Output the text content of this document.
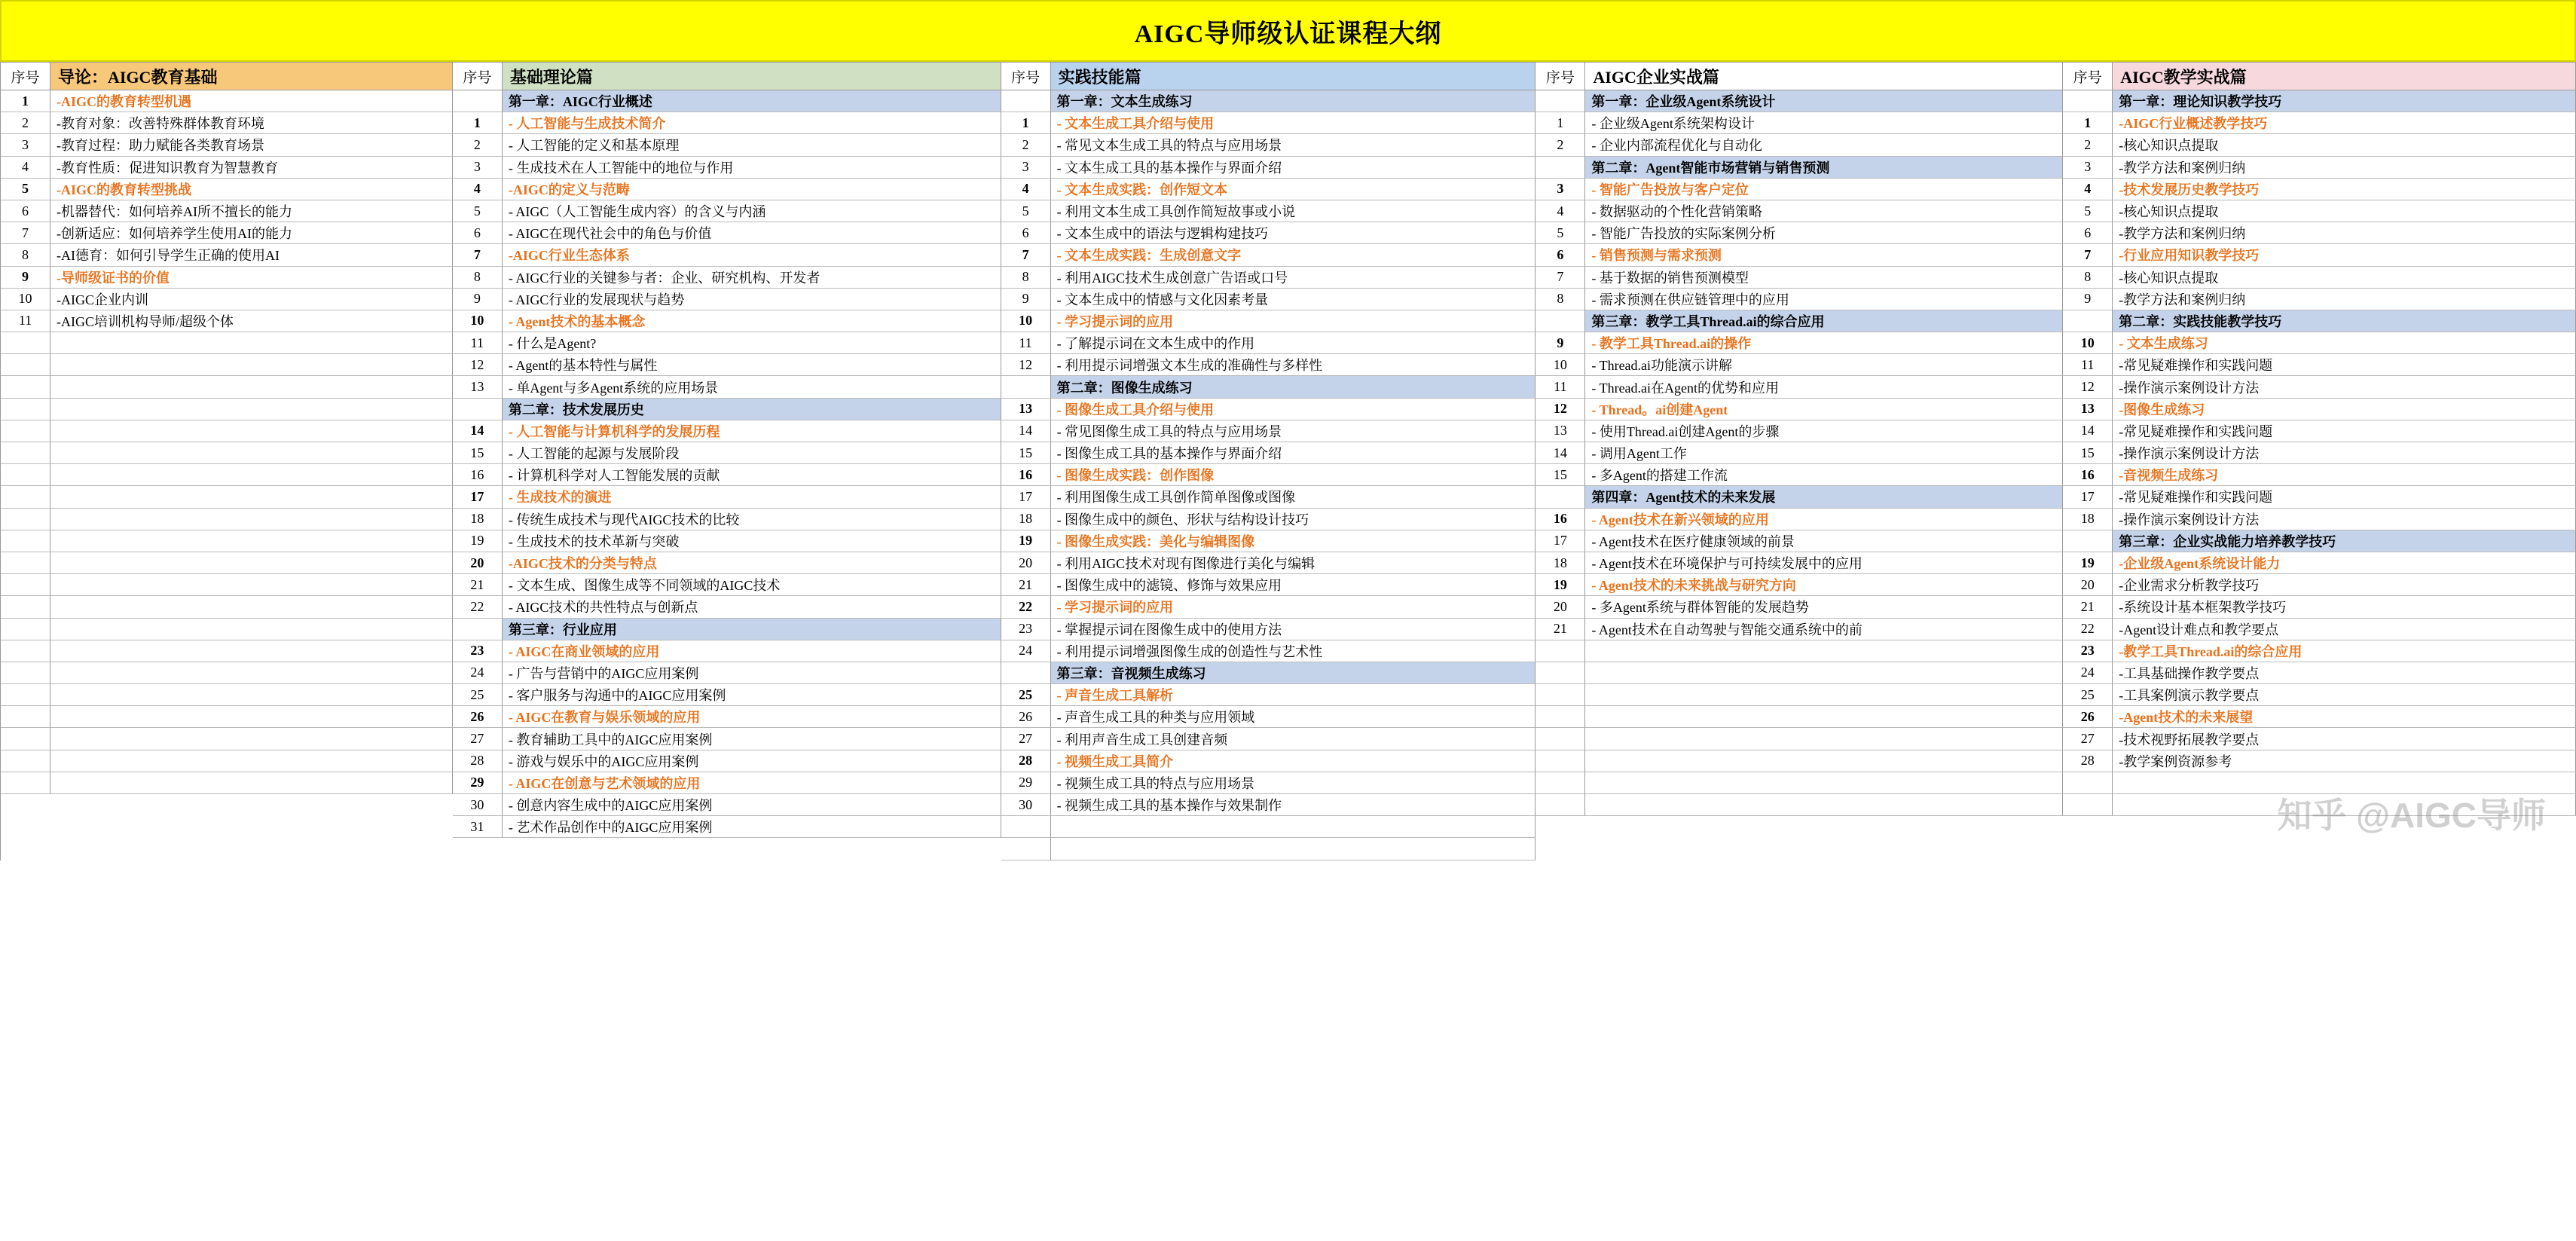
AIGC导师级认证课程大纲
序号	导论：AIGC教育基础
1	-AIGC的教育转型机遇
2	-教育对象：改善特殊群体教育环境
3	-教育过程：助力赋能各类教育场景
4	-教育性质：促进知识教育为智慧教育
5	-AIGC的教育转型挑战
6	-机器替代：如何培养AI所不擅长的能力
7	-创新适应：如何培养学生使用AI的能力
8	-AI德育：如何引导学生正确的使用AI
9	-导师级证书的价值
10	-AIGC企业内训
11	-AIGC培训机构导师/超级个体
序号	基础理论篇
第一章：AIGC行业概述
1	- 人工智能与生成技术简介
2	- 人工智能的定义和基本原理
3	- 生成技术在人工智能中的地位与作用
4	-AIGC的定义与范畴
5	- AIGC（人工智能生成内容）的含义与内涵
6	- AIGC在现代社会中的角色与价值
7	-AIGC行业生态体系
8	- AIGC行业的关键参与者：企业、研究机构、开发者
9	- AIGC行业的发展现状与趋势
10	- Agent技术的基本概念
11	- 什么是Agent?
12	- Agent的基本特性与属性
13	- 单Agent与多Agent系统的应用场景
第二章：技术发展历史
14	- 人工智能与计算机科学的发展历程
15	- 人工智能的起源与发展阶段
16	- 计算机科学对人工智能发展的贡献
17	- 生成技术的演进
18	- 传统生成技术与现代AIGC技术的比较
19	- 生成技术的技术革新与突破
20	-AIGC技术的分类与特点
21	- 文本生成、图像生成等不同领域的AIGC技术
22	- AIGC技术的共性特点与创新点
第三章：行业应用
23	- AIGC在商业领域的应用
24	- 广告与营销中的AIGC应用案例
25	- 客户服务与沟通中的AIGC应用案例
26	- AIGC在教育与娱乐领域的应用
27	- 教育辅助工具中的AIGC应用案例
28	- 游戏与娱乐中的AIGC应用案例
29	- AIGC在创意与艺术领域的应用
30	- 创意内容生成中的AIGC应用案例
31	- 艺术作品创作中的AIGC应用案例
序号	实践技能篇
第一章：文本生成练习
1	- 文本生成工具介绍与使用
2	- 常见文本生成工具的特点与应用场景
3	- 文本生成工具的基本操作与界面介绍
4	- 文本生成实践：创作短文本
5	- 利用文本生成工具创作简短故事或小说
6	- 文本生成中的语法与逻辑构建技巧
7	- 文本生成实践：生成创意文字
8	- 利用AIGC技术生成创意广告语或口号
9	- 文本生成中的情感与文化因素考量
10	- 学习提示词的应用
11	- 了解提示词在文本生成中的作用
12	- 利用提示词增强文本生成的准确性与多样性
第二章：图像生成练习
13	- 图像生成工具介绍与使用
14	- 常见图像生成工具的特点与应用场景
15	- 图像生成工具的基本操作与界面介绍
16	- 图像生成实践：创作图像
17	- 利用图像生成工具创作简单图像或图像
18	- 图像生成中的颜色、形状与结构设计技巧
19	- 图像生成实践：美化与编辑图像
20	- 利用AIGC技术对现有图像进行美化与编辑
21	- 图像生成中的滤镜、修饰与效果应用
22	- 学习提示词的应用
23	- 掌握提示词在图像生成中的使用方法
24	- 利用提示词增强图像生成的创造性与艺术性
第三章：音视频生成练习
25	- 声音生成工具解析
26	- 声音生成工具的种类与应用领域
27	- 利用声音生成工具创建音频
28	- 视频生成工具简介
29	- 视频生成工具的特点与应用场景
30	- 视频生成工具的基本操作与效果制作
序号	AIGC企业实战篇
第一章：企业级Agent系统设计
1	- 企业级Agent系统架构设计
2	- 企业内部流程优化与自动化
第二章：Agent智能市场营销与销售预测
3	- 智能广告投放与客户定位
4	- 数据驱动的个性化营销策略
5	- 智能广告投放的实际案例分析
6	- 销售预测与需求预测
7	- 基于数据的销售预测模型
8	- 需求预测在供应链管理中的应用
第三章：教学工具Thread.ai的综合应用
9	- 教学工具Thread.ai的操作
10	- Thread.ai功能演示讲解
11	- Thread.ai在Agent的优势和应用
12	- Thread。ai创建Agent
13	- 使用Thread.ai创建Agent的步骤
14	- 调用Agent工作
15	- 多Agent的搭建工作流
第四章：Agent技术的未来发展
16	- Agent技术在新兴领域的应用
17	- Agent技术在医疗健康领域的前景
18	- Agent技术在环境保护与可持续发展中的应用
19	- Agent技术的未来挑战与研究方向
20	- 多Agent系统与群体智能的发展趋势
21	- Agent技术在自动驾驶与智能交通系统中的前
序号	AIGC教学实战篇
第一章：理论知识教学技巧
1	-AIGC行业概述教学技巧
2	-核心知识点提取
3	-教学方法和案例归纳
4	-技术发展历史教学技巧
5	-核心知识点提取
6	-教学方法和案例归纳
7	-行业应用知识教学技巧
8	-核心知识点提取
9	-教学方法和案例归纳
第二章：实践技能教学技巧
10	- 文本生成练习
11	-常见疑难操作和实践问题
12	-操作演示案例设计方法
13	-图像生成练习
14	-常见疑难操作和实践问题
15	-操作演示案例设计方法
16	-音视频生成练习
17	-常见疑难操作和实践问题
18	-操作演示案例设计方法
第三章：企业实战能力培养教学技巧
19	-企业级Agent系统设计能力
20	-企业需求分析教学技巧
21	-系统设计基本框架教学技巧
22	-Agent设计难点和教学要点
23	-教学工具Thread.ai的综合应用
24	-工具基础操作教学要点
25	-工具案例演示教学要点
26	-Agent技术的未来展望
27	-技术视野拓展教学要点
28	-教学案例资源参考
知乎 @AIGC导师
